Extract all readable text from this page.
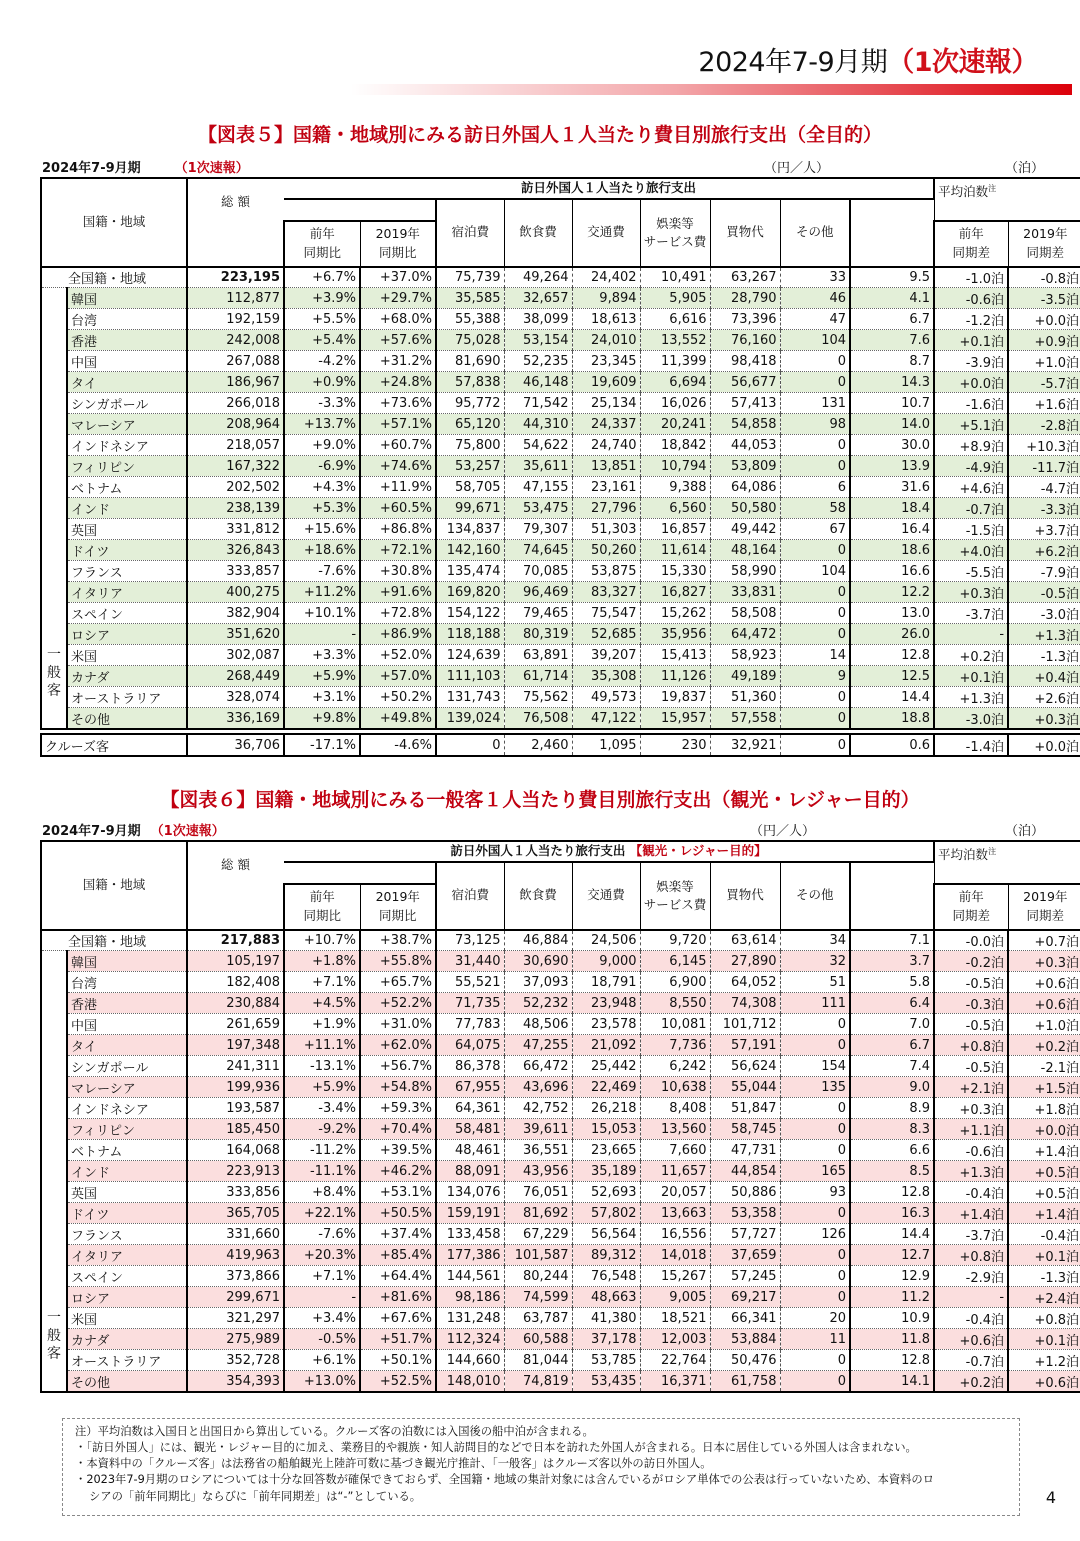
2024年7-9月期（1次速報）
【図表５】国籍・地域別にみる訪日外国人１人当たり費目別旅行支出（全目的）
2024年7-9月期	（1次速報）	（円／人）	（泊）
国籍・地域		総 額	訪日外国人１人当たり旅行支出									平均泊数$^注$
					宿泊費	飲食費	交通費	娯楽等
サービス費	買物代	その他			
			前年
同期比	2019年
同期比								前年
同期差	2019年
同期差
全国籍・地域		223,195	+6.7%	+37.0%	75,739	49,264	24,402	10,491	63,267	33	9.5	-1.0泊	-0.8泊
一
般
客	韓国	112,877	+3.9%	+29.7%	35,585	32,657	9,894	5,905	28,790	46	4.1	-0.6泊	-3.5泊
	台湾	192,159	+5.5%	+68.0%	55,388	38,099	18,613	6,616	73,396	47	6.7	-1.2泊	+0.0泊
	香港	242,008	+5.4%	+57.6%	75,028	53,154	24,010	13,552	76,160	104	7.6	+0.1泊	+0.9泊
	中国	267,088	-4.2%	+31.2%	81,690	52,235	23,345	11,399	98,418	0	8.7	-3.9泊	+1.0泊
	タイ	186,967	+0.9%	+24.8%	57,838	46,148	19,609	6,694	56,677	0	14.3	+0.0泊	-5.7泊
	シンガポール	266,018	-3.3%	+73.6%	95,772	71,542	25,134	16,026	57,413	131	10.7	-1.6泊	+1.6泊
	マレーシア	208,964	+13.7%	+57.1%	65,120	44,310	24,337	20,241	54,858	98	14.0	+5.1泊	-2.8泊
	インドネシア	218,057	+9.0%	+60.7%	75,800	54,622	24,740	18,842	44,053	0	30.0	+8.9泊	+10.3泊
	フィリピン	167,322	-6.9%	+74.6%	53,257	35,611	13,851	10,794	53,809	0	13.9	-4.9泊	-11.7泊
	ベトナム	202,502	+4.3%	+11.9%	58,705	47,155	23,161	9,388	64,086	6	31.6	+4.6泊	-4.7泊
	インド	238,139	+5.3%	+60.5%	99,671	53,475	27,796	6,560	50,580	58	18.4	-0.7泊	-3.3泊
	英国	331,812	+15.6%	+86.8%	134,837	79,307	51,303	16,857	49,442	67	16.4	-1.5泊	+3.7泊
	ドイツ	326,843	+18.6%	+72.1%	142,160	74,645	50,260	11,614	48,164	0	18.6	+4.0泊	+6.2泊
	フランス	333,857	-7.6%	+30.8%	135,474	70,085	53,875	15,330	58,990	104	16.6	-5.5泊	-7.9泊
	イタリア	400,275	+11.2%	+91.6%	169,820	96,469	83,327	16,827	33,831	0	12.2	+0.3泊	-0.5泊
	スペイン	382,904	+10.1%	+72.8%	154,122	79,465	75,547	15,262	58,508	0	13.0	-3.7泊	-3.0泊
	ロシア	351,620	-	+86.9%	118,188	80,319	52,685	35,956	64,472	0	26.0	-	+1.3泊
	米国	302,087	+3.3%	+52.0%	124,639	63,891	39,207	15,413	58,923	14	12.8	+0.2泊	-1.3泊
	カナダ	268,449	+5.9%	+57.0%	111,103	61,714	35,308	11,126	49,189	9	12.5	+0.1泊	+0.4泊
	オーストラリア	328,074	+3.1%	+50.2%	131,743	75,562	49,573	19,837	51,360	0	14.4	+1.3泊	+2.6泊
	その他	336,169	+9.8%	+49.8%	139,024	76,508	47,122	15,957	57,558	0	18.8	-3.0泊	+0.3泊
クルーズ客	36,706	-17.1%	-4.6%	0	2,460	1,095	230	32,921	0	0.6	-1.4泊	+0.0泊
【図表６】国籍・地域別にみる一般客１人当たり費目別旅行支出（観光・レジャー目的）
2024年7-9月期 （1次速報）	（円／人）	（泊）
国籍・地域		総 額	訪日外国人１人当たり旅行支出 【観光・レジャー目的】									平均泊数$^注$
					宿泊費	飲食費	交通費	娯楽等
サービス費	買物代	その他			
			前年
同期比	2019年
同期比								前年
同期差	2019年
同期差
全国籍・地域		217,883	+10.7%	+38.7%	73,125	46,884	24,506	9,720	63,614	34	7.1	-0.0泊	+0.7泊
一
般
客	韓国	105,197	+1.8%	+55.8%	31,440	30,690	9,000	6,145	27,890	32	3.7	-0.2泊	+0.3泊
	台湾	182,408	+7.1%	+65.7%	55,521	37,093	18,791	6,900	64,052	51	5.8	-0.5泊	+0.6泊
	香港	230,884	+4.5%	+52.2%	71,735	52,232	23,948	8,550	74,308	111	6.4	-0.3泊	+0.6泊
	中国	261,659	+1.9%	+31.0%	77,783	48,506	23,578	10,081	101,712	0	7.0	-0.5泊	+1.0泊
	タイ	197,348	+11.1%	+62.0%	64,075	47,255	21,092	7,736	57,191	0	6.7	+0.8泊	+0.2泊
	シンガポール	241,311	-13.1%	+56.7%	86,378	66,472	25,442	6,242	56,624	154	7.4	-0.5泊	-2.1泊
	マレーシア	199,936	+5.9%	+54.8%	67,955	43,696	22,469	10,638	55,044	135	9.0	+2.1泊	+1.5泊
	インドネシア	193,587	-3.4%	+59.3%	64,361	42,752	26,218	8,408	51,847	0	8.9	+0.3泊	+1.8泊
	フィリピン	185,450	-9.2%	+70.4%	58,481	39,611	15,053	13,560	58,745	0	8.3	+1.1泊	+0.0泊
	ベトナム	164,068	-11.2%	+39.5%	48,461	36,551	23,665	7,660	47,731	0	6.6	-0.6泊	+1.4泊
	インド	223,913	-11.1%	+46.2%	88,091	43,956	35,189	11,657	44,854	165	8.5	+1.3泊	+0.5泊
	英国	333,856	+8.4%	+53.1%	134,076	76,051	52,693	20,057	50,886	93	12.8	-0.4泊	+0.5泊
	ドイツ	365,705	+22.1%	+50.5%	159,191	81,692	57,802	13,663	53,358	0	16.3	+1.4泊	+1.4泊
	フランス	331,660	-7.6%	+37.4%	133,458	67,229	56,564	16,556	57,727	126	14.4	-3.7泊	-0.4泊
	イタリア	419,963	+20.3%	+85.4%	177,386	101,587	89,312	14,018	37,659	0	12.7	+0.8泊	+0.1泊
	スペイン	373,866	+7.1%	+64.4%	144,561	80,244	76,548	15,267	57,245	0	12.9	-2.9泊	-1.3泊
	ロシア	299,671	-	+81.6%	98,186	74,599	48,663	9,005	69,217	0	11.2	-	+2.4泊
	米国	321,297	+3.4%	+67.6%	131,248	63,787	41,380	18,521	66,341	20	10.9	-0.4泊	+0.8泊
	カナダ	275,989	-0.5%	+51.7%	112,324	60,588	37,178	12,003	53,884	11	11.8	+0.6泊	+0.1泊
	オーストラリア	352,728	+6.1%	+50.1%	144,660	81,044	53,785	22,764	50,476	0	12.8	-0.7泊	+1.2泊
	その他	354,393	+13.0%	+52.5%	148,010	74,819	53,435	16,371	61,758	0	14.1	+0.2泊	+0.6泊
注）平均泊数は入国日と出国日から算出している。クルーズ客の泊数には入国後の船中泊が含まれる。
・ 「訪日外国人」には、観光・レジャー目的に加え、業務目的や親族・知人訪問目的などで日本を訪れた外国人が含まれる。日本に居住している外国人は含まれない。
・ 本資料中の「クルーズ客」は法務省の船舶観光上陸許可数に基づき観光庁推計、「一般客」はクルーズ客以外の訪日外国人。
・ 2023年7-9月期のロシアについては十分な回答数が確保できておらず、全国籍・地域の集計対象には含んでいるがロシア単体での公表は行っていないため、本資料のロ
シアの「前年同期比」ならびに「前年同期差」は“-”としている。	4
